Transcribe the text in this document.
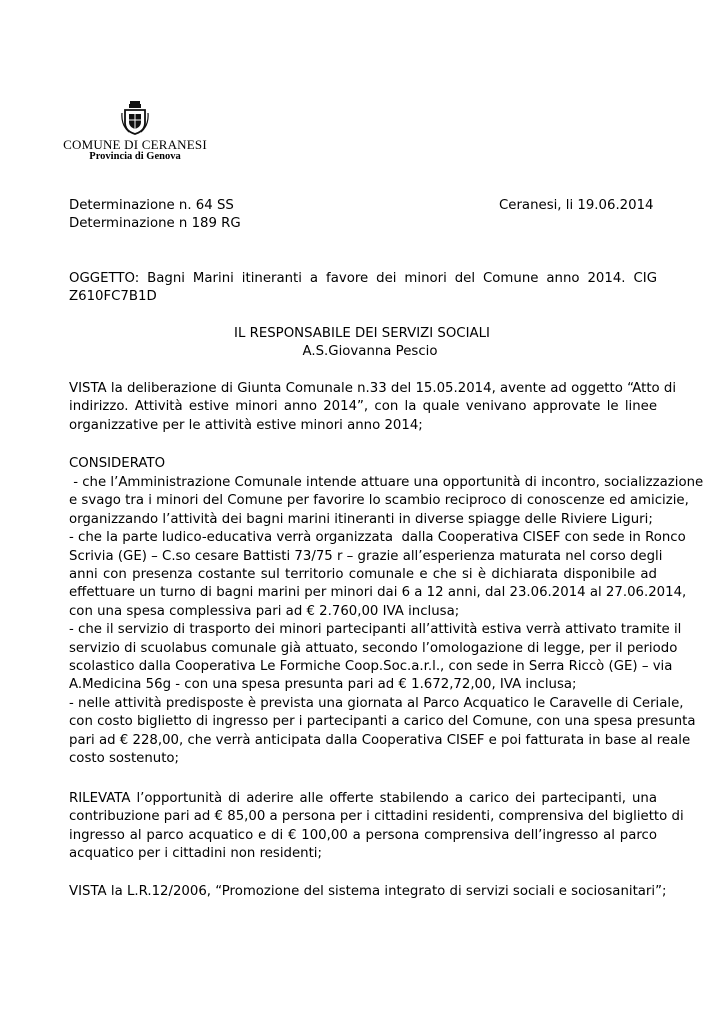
COMUNE DI CERANESI
Provincia di Genova
Determinazione n. 64 SS	Ceranesi, li 19.06.2014
Determinazione n 189 RG
OGGETTO: Bagni Marini itineranti a favore dei minori del Comune anno 2014. CIG
Z610FC7B1D
IL RESPONSABILE DEI SERVIZI SOCIALI
A.S.Giovanna Pescio
VISTA la deliberazione di Giunta Comunale n.33 del 15.05.2014, avente ad oggetto “Atto di
indirizzo. Attività estive minori anno 2014”, con la quale venivano approvate le linee
organizzative per le attività estive minori anno 2014;
CONSIDERATO
- che l’Amministrazione Comunale intende attuare una opportunità di incontro, socializzazione
e svago tra i minori del Comune per favorire lo scambio reciproco di conoscenze ed amicizie,
organizzando l’attività dei bagni marini itineranti in diverse spiagge delle Riviere Liguri;
- che la parte ludico-educativa verrà organizzata  dalla Cooperativa CISEF con sede in Ronco
Scrivia (GE) – C.so cesare Battisti 73/75 r – grazie all’esperienza maturata nel corso degli
anni con presenza costante sul territorio comunale e che si è dichiarata disponibile ad
effettuare un turno di bagni marini per minori dai 6 a 12 anni, dal 23.06.2014 al 27.06.2014,
con una spesa complessiva pari ad € 2.760,00 IVA inclusa;
- che il servizio di trasporto dei minori partecipanti all’attività estiva verrà attivato tramite il
servizio di scuolabus comunale già attuato, secondo l’omologazione di legge, per il periodo
scolastico dalla Cooperativa Le Formiche Coop.Soc.a.r.l., con sede in Serra Riccò (GE) – via
A.Medicina 56g - con una spesa presunta pari ad € 1.672,72,00, IVA inclusa;
- nelle attività predisposte è prevista una giornata al Parco Acquatico le Caravelle di Ceriale,
con costo biglietto di ingresso per i partecipanti a carico del Comune, con una spesa presunta
pari ad € 228,00, che verrà anticipata dalla Cooperativa CISEF e poi fatturata in base al reale
costo sostenuto;
RILEVATA l’opportunità di aderire alle offerte stabilendo a carico dei partecipanti, una
contribuzione pari ad € 85,00 a persona per i cittadini residenti, comprensiva del biglietto di
ingresso al parco acquatico e di € 100,00 a persona comprensiva dell’ingresso al parco
acquatico per i cittadini non residenti;
VISTA la L.R.12/2006, “Promozione del sistema integrato di servizi sociali e sociosanitari”;
